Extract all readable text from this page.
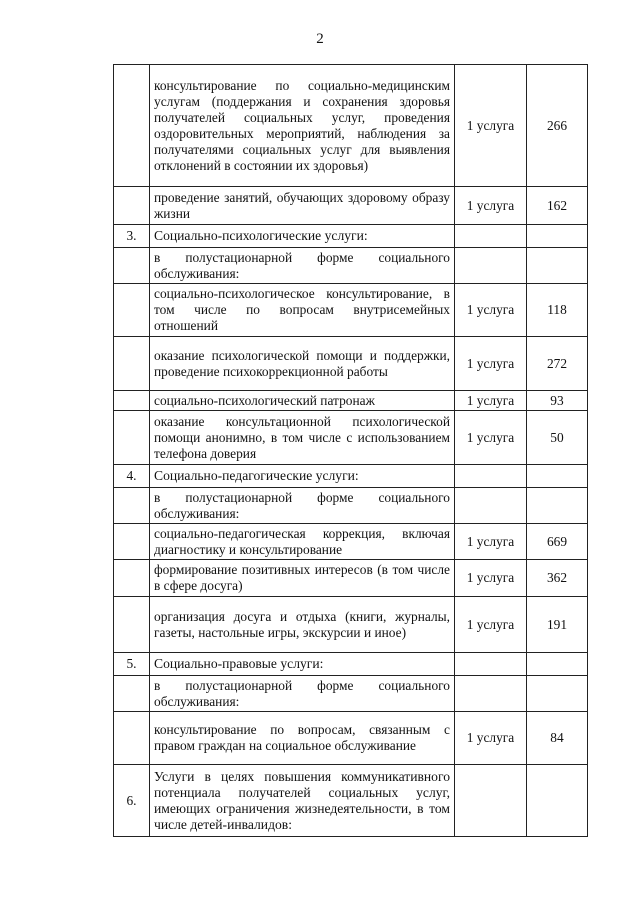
2
	консультирование по социально-медицинским услугам (поддержания и сохранения здоровья получателей социальных услуг, проведения оздоровительных мероприятий, наблюдения за получателями социальных услуг для выявления отклонений в состоянии их здоровья)	1 услуга	266
	проведение занятий, обучающих здоровому образу жизни	1 услуга	162
3.	Социально-психологические услуги:		
	в полустационарной форме социального обслуживания:		
	социально-психологическое консультирование, в том числе по вопросам внутрисемейных отношений	1 услуга	118
	оказание психологической помощи и поддержки, проведение психокоррекционной работы	1 услуга	272
	социально-психологический патронаж	1 услуга	93
	оказание консультационной психологической помощи анонимно, в том числе с использованием телефона доверия	1 услуга	50
4.	Социально-педагогические услуги:		
	в полустационарной форме социального обслуживания:		
	социально-педагогическая коррекция, включая диагностику и консультирование	1 услуга	669
	формирование позитивных интересов (в том числе в сфере досуга)	1 услуга	362
	организация досуга и отдыха (книги, журналы, газеты, настольные игры, экскурсии и иное)	1 услуга	191
5.	Социально-правовые услуги:		
	в полустационарной форме социального обслуживания:		
	консультирование по вопросам, связанным с правом граждан на социальное обслуживание	1 услуга	84
6.	Услуги в целях повышения коммуникативного потенциала получателей социальных услуг, имеющих ограничения жизнедеятельности, в том числе детей-инвалидов:		
